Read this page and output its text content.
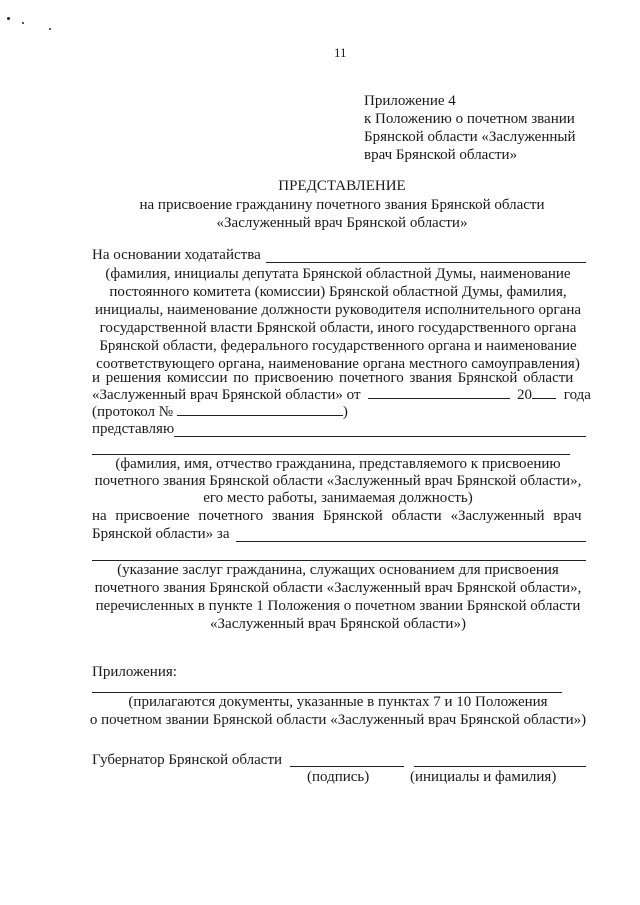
11
Приложение 4
к Положению о почетном звании
Брянской области «Заслуженный
врач Брянской области»
ПРЕДСТАВЛЕНИЕ
на присвоение гражданину почетного звания Брянской области
«Заслуженный врач Брянской области»
На основании ходатайства
(фамилия, инициалы депутата Брянской областной Думы, наименование
постоянного комитета (комиссии) Брянской областной Думы, фамилия,
инициалы, наименование должности руководителя исполнительного органа
государственной власти Брянской области, иного государственного органа
Брянской области, федерального государственного органа и наименование
соответствующего органа, наименование органа местного самоуправления)
и решения комиссии по присвоению почетного звания Брянской области
«Заслуженный врач Брянской области» от	20 года
(протокол №	)
представляю
(фамилия, имя, отчество гражданина, представляемого к присвоению
почетного звания Брянской области «Заслуженный врач Брянской области»,
его место работы, занимаемая должность)
на присвоение почетного звания Брянской области «Заслуженный врач
Брянской области» за
(указание заслуг гражданина, служащих основанием для присвоения
почетного звания Брянской области «Заслуженный врач Брянской области»,
перечисленных в пункте 1 Положения о почетном звании Брянской области
«Заслуженный врач Брянской области»)
Приложения:
(прилагаются документы, указанные в пунктах 7 и 10 Положения
о почетном звании Брянской области «Заслуженный врач Брянской области»)
Губернатор Брянской области
(подпись)	(инициалы и фамилия)
